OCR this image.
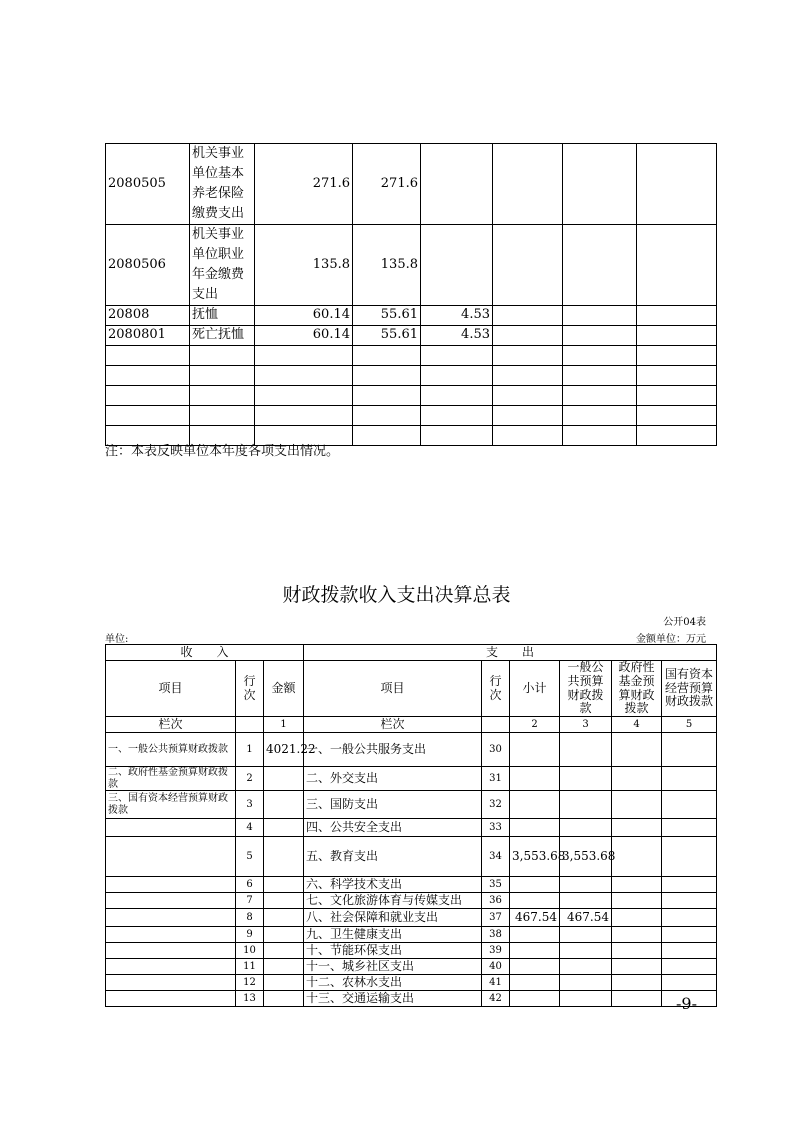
2080505	机关事业单位基本养老保险缴费支出	271.6	271.6				
2080506	机关事业单位职业年金缴费支出	135.8	135.8				
20808	抚恤	60.14	55.61	4.53			
2080801	死亡抚恤	60.14	55.61	4.53			

注：本表反映单位本年度各项支出情况。
财政拨款收入支出决算总表
公开04表
单位:	金额单位：万元
收　　入			支　　出					
项目	行次	金额	项目	行次	小计	一般公共预算财政拨款	政府性基金预算财政拨款	国有资本经营预算财政拨款
栏次		1	栏次		2	3	4	5
一、一般公共预算财政拨款	1	4021.22	一、一般公共服务支出	30				
二、政府性基金预算财政拨款	2		二、外交支出	31				
三、国有资本经营预算财政拨款	3		三、国防支出	32				
	4		四、公共安全支出	33				
	5		五、教育支出	34	3,553.68	3,553.68		
	6		六、科学技术支出	35				
	7		七、文化旅游体育与传媒支出	36				
	8		八、社会保障和就业支出	37	467.54	467.54		
	9		九、卫生健康支出	38				
	10		十、节能环保支出	39				
	11		十一、城乡社区支出	40				
	12		十二、农林水支出	41				
	13		十三、交通运输支出	42					-9-
